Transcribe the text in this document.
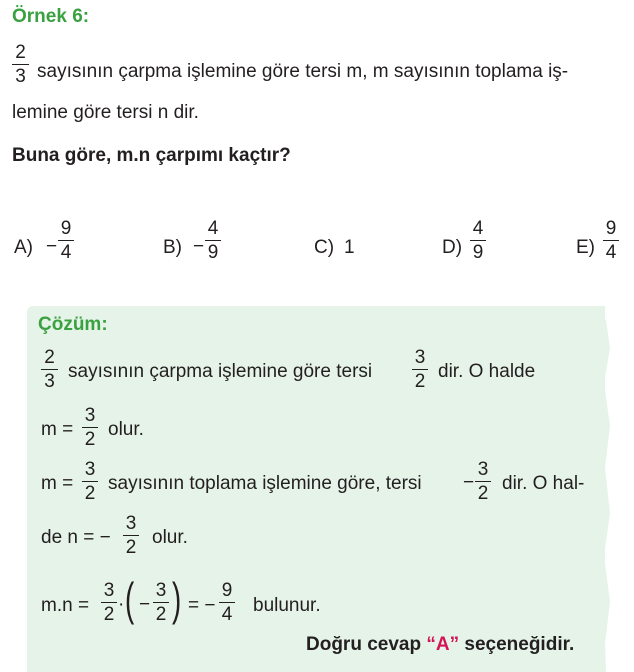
Örnek 6:
2
3 sayısının çarpma işlemine göre tersi m, m sayısının toplama iş-
lemine göre tersi n dir.
Buna göre, m.n çarpımı kaçtır?
A) −
9
4	B) −
4
9	C) 1	D)
4
9	E)
9
4
Çözüm:
2
3 sayısının çarpma işlemine göre tersi
3
2 dir. O halde
m =
3
2 olur.
m =
3
2 sayısının toplama işlemine göre, tersi −
3
2 dir. O hal-
de n = −
3
2 olur.
m.n =
3
2 · ( −
3
2 ) = −
9
4 bulunur.
Doğru cevap “A” seçeneğidir.
